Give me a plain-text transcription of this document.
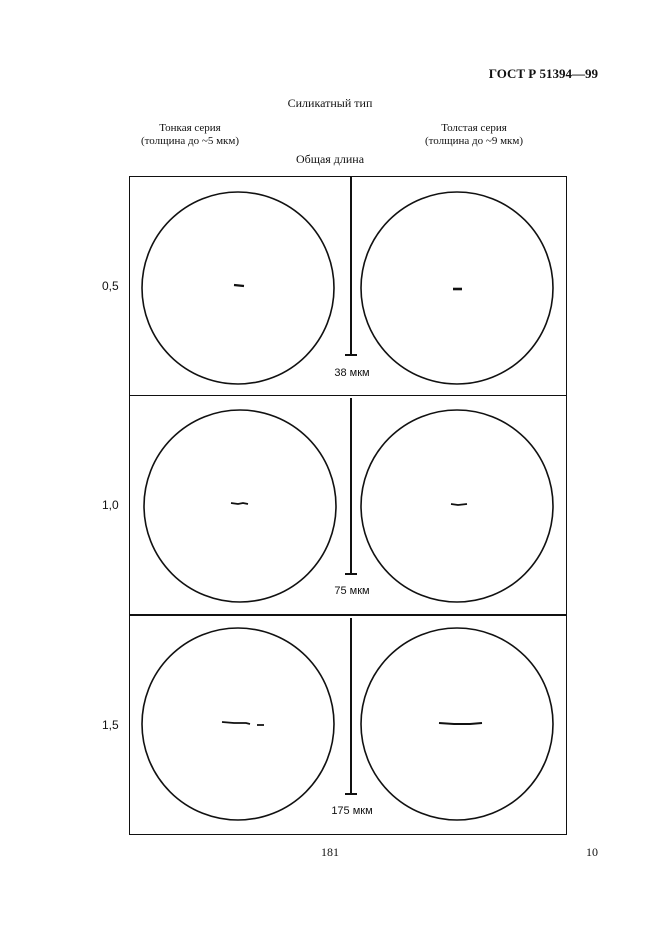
ГОСТ Р 51394—99
Силикатный тип
Тонкая серия
(толщина до ~5 мкм)
Толстая серия
(толщина до ~9 мкм)
Общая длина
0,5
1,0
1,5
38 мкм
75 мкм
175 мкм
181	10
